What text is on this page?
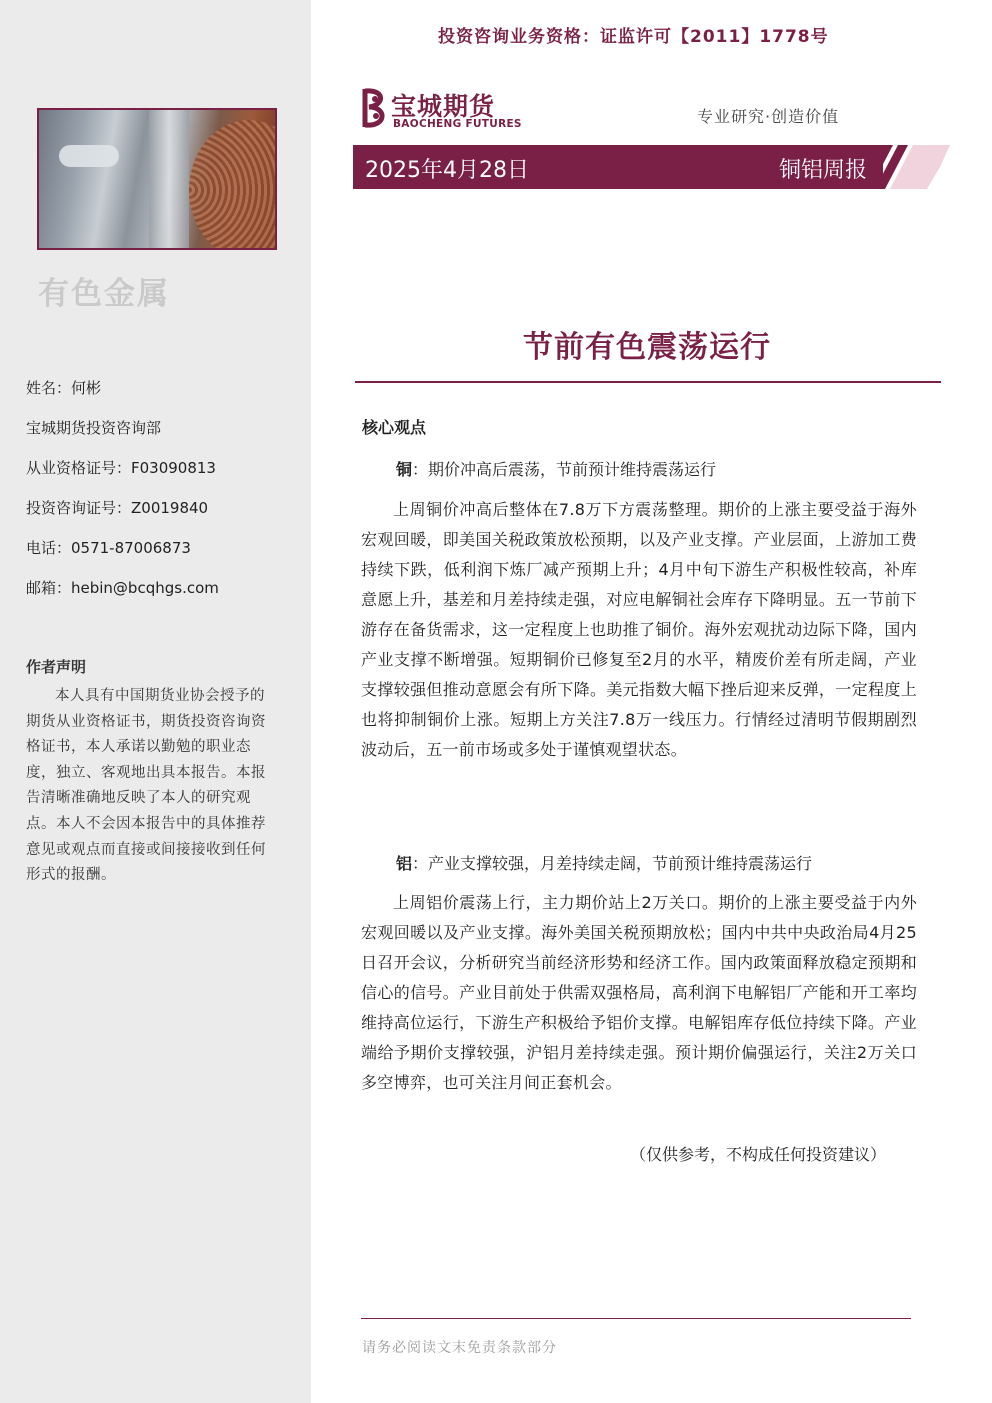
有色金属
姓名：何彬
宝城期货投资咨询部
从业资格证号：F03090813
投资咨询证号：Z0019840
电话：0571-87006873
邮箱：hebin@bcqhgs.com
作者声明
本人具有中国期货业协会授予的期货从业资格证书，期货投资咨询资格证书，本人承诺以勤勉的职业态度，独立、客观地出具本报告。本报告清晰准确地反映了本人的研究观点。本人不会因本报告中的具体推荐意见或观点而直接或间接接收到任何形式的报酬。
投资咨询业务资格：证监许可【2011】1778号
宝城期货
BAOCHENG FUTURES	专业研究·创造价值
2025年4月28日	铜铝周报
节前有色震荡运行
核心观点
铜：期价冲高后震荡，节前预计维持震荡运行
上周铜价冲高后整体在7.8万下方震荡整理。期价的上涨主要受益于海外宏观回暖，即美国关税政策放松预期，以及产业支撑。产业层面，上游加工费持续下跌，低利润下炼厂减产预期上升；4月中旬下游生产积极性较高，补库意愿上升，基差和月差持续走强，对应电解铜社会库存下降明显。五一节前下游存在备货需求，这一定程度上也助推了铜价。海外宏观扰动边际下降，国内产业支撑不断增强。短期铜价已修复至2月的水平，精废价差有所走阔，产业支撑较强但推动意愿会有所下降。美元指数大幅下挫后迎来反弹，一定程度上也将抑制铜价上涨。短期上方关注7.8万一线压力。行情经过清明节假期剧烈波动后，五一前市场或多处于谨慎观望状态。
铝：产业支撑较强，月差持续走阔，节前预计维持震荡运行
上周铝价震荡上行，主力期价站上2万关口。期价的上涨主要受益于内外宏观回暖以及产业支撑。海外美国关税预期放松；国内中共中央政治局4月25日召开会议，分析研究当前经济形势和经济工作。国内政策面释放稳定预期和信心的信号。产业目前处于供需双强格局，高利润下电解铝厂产能和开工率均维持高位运行，下游生产积极给予铝价支撑。电解铝库存低位持续下降。产业端给予期价支撑较强，沪铝月差持续走强。预计期价偏强运行，关注2万关口多空博弈，也可关注月间正套机会。
（仅供参考，不构成任何投资建议）
请务必阅读文末免责条款部分
